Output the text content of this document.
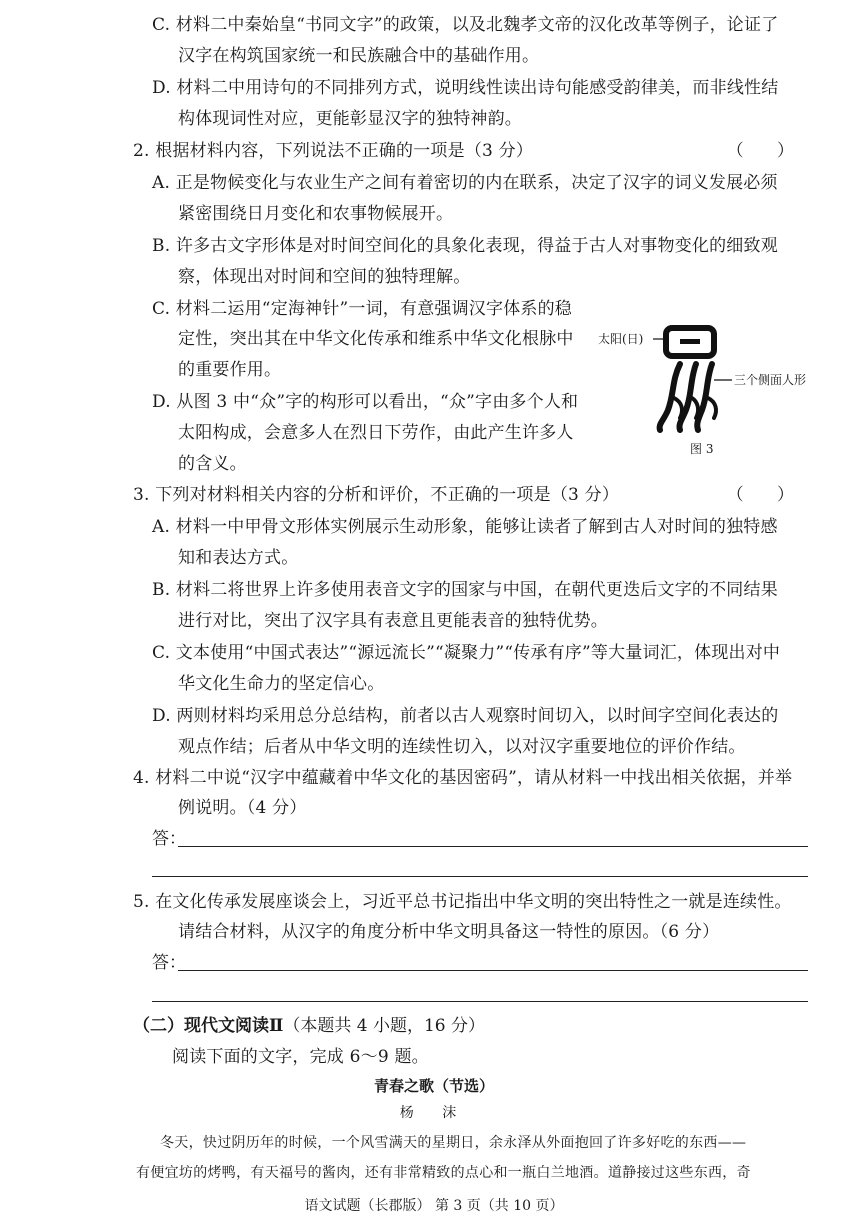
C. 材料二中秦始皇“书同文字”的政策，以及北魏孝文帝的汉化改革等例子，论证了
汉字在构筑国家统一和民族融合中的基础作用。
D. 材料二中用诗句的不同排列方式，说明线性读出诗句能感受韵律美，而非线性结
构体现词性对应，更能彰显汉字的独特神韵。
2. 根据材料内容，下列说法不正确的一项是（3 分）	（ ）
A. 正是物候变化与农业生产之间有着密切的内在联系，决定了汉字的词义发展必须
紧密围绕日月变化和农事物候展开。
B. 许多古文字形体是对时间空间化的具象化表现，得益于古人对事物变化的细致观
察，体现出对时间和空间的独特理解。
C. 材料二运用“定海神针”一词，有意强调汉字体系的稳
定性，突出其在中华文化传承和维系中华文化根脉中
的重要作用。
D. 从图 3 中“众”字的构形可以看出，“众”字由多个人和
太阳构成，会意多人在烈日下劳作，由此产生许多人
的含义。
太阳(日)
三个侧面人形
图 3
3. 下列对材料相关内容的分析和评价，不正确的一项是（3 分）	（ ）
A. 材料一中甲骨文形体实例展示生动形象，能够让读者了解到古人对时间的独特感
知和表达方式。
B. 材料二将世界上许多使用表音文字的国家与中国，在朝代更迭后文字的不同结果
进行对比，突出了汉字具有表意且更能表音的独特优势。
C. 文本使用“中国式表达”“源远流长”“凝聚力”“传承有序”等大量词汇，体现出对中
华文化生命力的坚定信心。
D. 两则材料均采用总分总结构，前者以古人观察时间切入，以时间字空间化表达的
观点作结；后者从中华文明的连续性切入，以对汉字重要地位的评价作结。
4. 材料二中说“汉字中蕴藏着中华文化的基因密码”，请从材料一中找出相关依据，并举
例说明。（4 分）
答：
5. 在文化传承发展座谈会上，习近平总书记指出中华文明的突出特性之一就是连续性。
请结合材料，从汉字的角度分析中华文明具备这一特性的原因。（6 分）
答：
（二）现代文阅读Ⅱ（本题共 4 小题，16 分）
阅读下面的文字，完成 6～9 题。
青春之歌（节选）
杨 沫
冬天，快过阴历年的时候，一个风雪满天的星期日，余永泽从外面抱回了许多好吃的东西——
有便宜坊的烤鸭，有天福号的酱肉，还有非常精致的点心和一瓶白兰地酒。道静接过这些东西，奇
语文试题（长郡版） 第 3 页（共 10 页）
